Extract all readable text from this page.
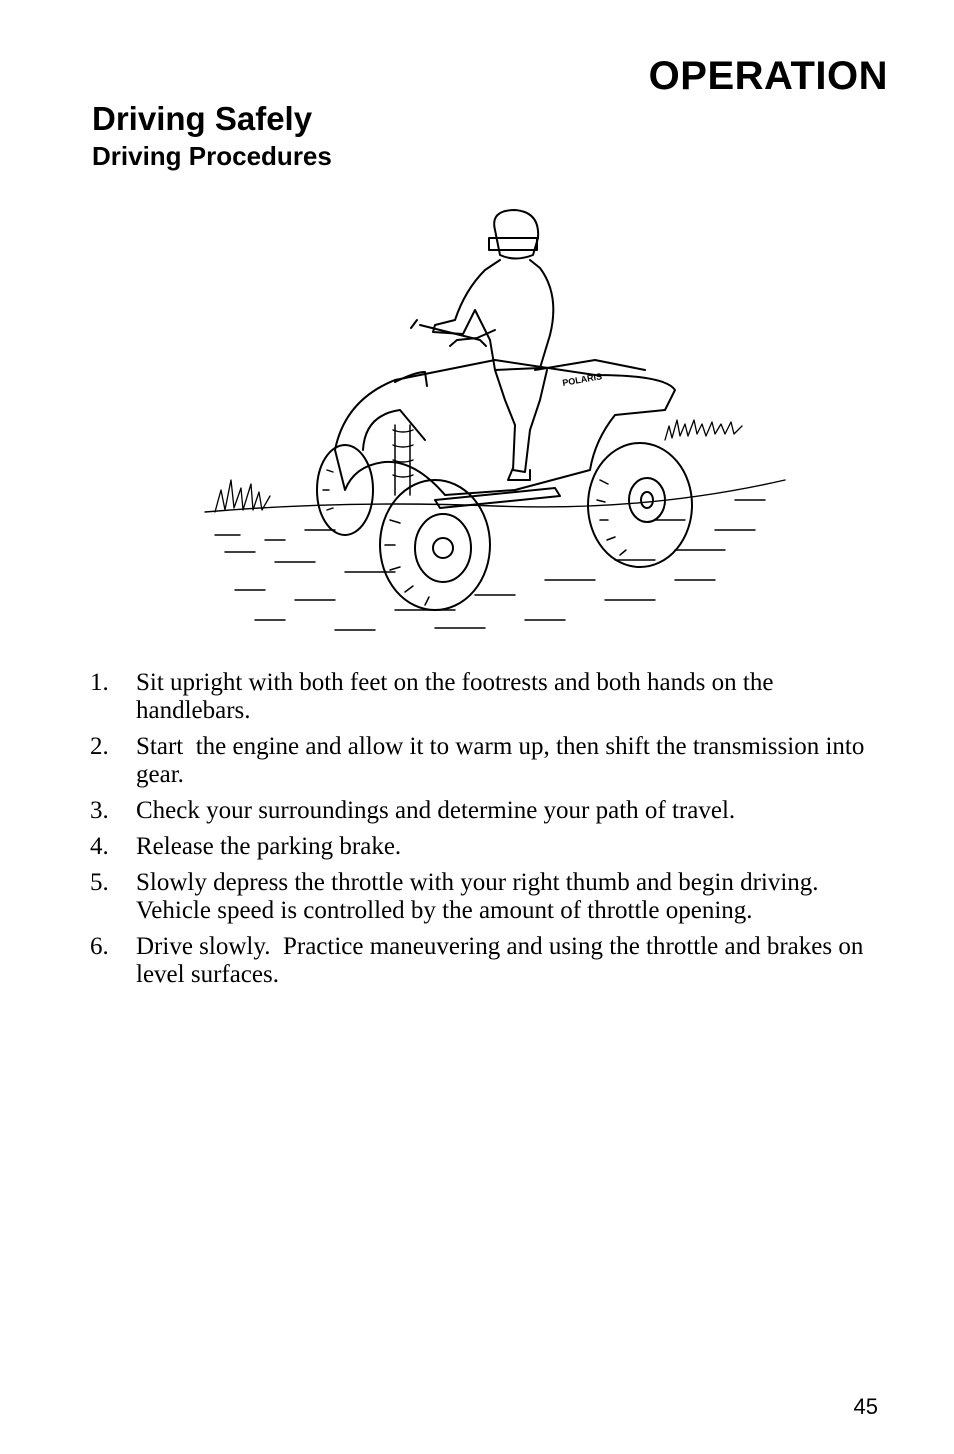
OPERATION
Driving Safely
Driving Procedures
POLARIS
1.	Sit upright with both feet on the footrests and both hands on the handlebars.
2.	Start  the engine and allow it to warm up, then shift the transmission into gear.
3.	Check your surroundings and determine your path of travel.
4.	Release the parking brake.
5.	Slowly depress the throttle with your right thumb and begin driving.  Vehicle speed is controlled by the amount of throttle opening.
6.	Drive slowly.  Practice maneuvering and using the throttle and brakes on level surfaces.
45
